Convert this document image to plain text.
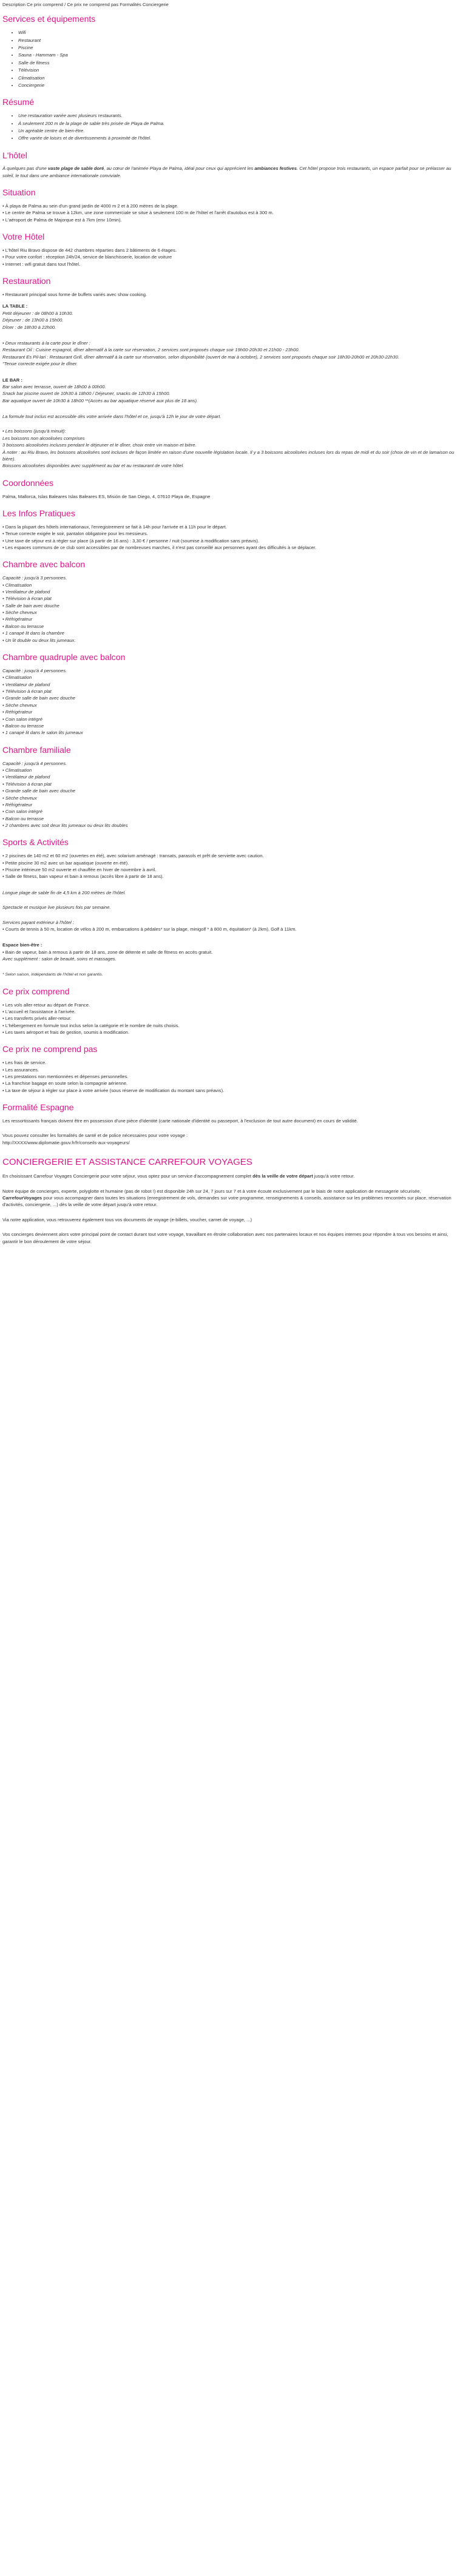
Description Ce prix comprend / Ce prix ne comprend pas Formalités Conciergerie
Services et équipements
• Wifi
• Restaurant
• Piscine
• Sauna - Hammam - Spa
• Salle de fitness
• Télévision
• Climatisation
• Conciergerie
Résumé
• Une restauration variée avec plusieurs restaurants.
• À seulement 200 m de la plage de sable très prisée de Playa de Palma.
• Un agréable centre de bien-être.
• Offre variée de loisirs et de divertissements à proximité de l'hôtel.
L'hôtel

À quelques pas d'une vaste plage de sable doré, au cœur de l'animée Playa de Palma, idéal pour ceux qui apprécient les ambiances festives. Cet hôtel propose trois restaurants, un espace parfait pour se prélasser au soleil, le tout dans une ambiance internationale conviviale.

Situation
• À playa de Palma au sein d'un grand jardin de 4000 m 2 et à 200 mètres de la plage.
• Le centre de Palma se trouve à 12km, une zone commerciale se situe à seulement 100 m de l'hôtel et l'arrêt d'autobus est à 300 m.
• L'aéroport de Palma de Majorque est à 7km (env 10min).
Votre Hôtel
• L'hôtel Riu Bravo dispose de 442 chambres réparties dans 2 bâtiments de 6 étages.
• Pour votre confort : réception 24h/24, service de blanchisserie, location de voiture
• Internet : wifi gratuit dans tout l'hôtel.
Restauration
• Restaurant principal sous forme de buffets variés avec show cooking.
LA TABLE :
Petit déjeuner : de 08h00 à 10h30.
Déjeuner : de 13h00 à 15h00.
Dîner : de 18h30 à 22h00.
• Deux restaurants à la carte pour le dîner :
Restaurant Oil : Cuisine espagnol, dîner alternatif à la carte sur réservation, 2 services sont proposés chaque soir 19h00-20h30 et 21h00 - 23h00.
Restaurant Es Pil-lari : Restaurant Grill, dîner alternatif à la carte sur réservation, selon disponibilité (ouvert de mai à octobre), 2 services sont proposés chaque soir 18h30-20h00 et 20h30-22h30.
"Tenue correcte exigée pour le dîner.
LE BAR :
Bar salon avec terrasse, ouvert de 18h00 à 00h00.
Snack bar piscine ouvert de 10h30 à 18h00 / Déjeuner, snacks de 12h30 à 15h00.
Bar aquatique ouvert de 10h30 à 18h00 **(Accès au bar aquatique réservé aux plus de 18 ans).

La formule tout inclus est accessible dès votre arrivée dans l'hôtel et ce, jusqu'à 12h le jour de votre départ.

• Les boissons (jusqu'à minuit):
Les boissons non alcoolisées comprises
3 boissons alcoolisées incluses pendant le déjeuner et le dîner, choix entre vin maison et bière.
À noter : au Riu Bravo, les boissons alcoolisées sont incluses de façon limitée en raison d'une nouvelle législation locale. Il y a 3 boissons alcoolisées incluses lors du repas de midi et du soir (choix de vin et de lamaison ou bière).
Boissons alcoolisées disponibles avec supplément au bar et au restaurant de votre hôtel.
Coordonnées

Palma, Mallorca, Islas Baleares Islas Baleares ES, Misión de San Diego, 4, 07610 Playa de, Espagne

Les Infos Pratiques
• Dans la plupart des hôtels internationaux, l'enregistrement se fait à 14h pour l'arrivée et à 11h pour le départ.
• Tenue correcte exigée le soir, pantalon obligatoire pour les messieurs.
• Une taxe de séjour est à régler sur place (à partir de 16 ans) : 3,30 € / personne / nuit (soumise à modification sans préavis).
• Les espaces communs de ce club sont accessibles par de nombreuses marches, il n'est pas conseillé aux personnes ayant des difficultés à se déplacer.
Chambre avec balcon
Capacité : jusqu'à 3 personnes.
• Climatisation
• Ventilateur de plafond
• Télévision à écran plat
• Salle de bain avec douche
• Sèche cheveux
• Réfrigérateur
• Balcon ou terrasse
• 1 canapé lit dans la chambre
• Un lit double ou deux lits jumeaux.
Chambre quadruple avec balcon
Capacité : jusqu'à 4 personnes.
• Climatisation
• Ventilateur de plafond
• Télévision à écran plat
• Grande salle de bain avec douche
• Sèche cheveux
• Réfrigérateur
• Coin salon intégré
• Balcon ou terrasse
• 1 canapé lit dans le salon lits jumeaux
Chambre familiale
Capacité : jusqu'à 4 personnes.
• Climatisation
• Ventilateur de plafond
• Télévision à écran plat
• Grande salle de bain avec douche
• Sèche cheveux
• Réfrigérateur
• Coin salon intégré
• Balcon ou terrasse
• 2 chambres avec soit deux lits jumeaux ou deux lits doubles
Sports & Activités
• 2 piscines de 140 m2 et 60 m2 (ouvertes en été), avec solarium aménagé : transats, parasols et prêt de serviette avec caution.
• Petite piscine 30 m2 avec un bar aquatique (ouverte en été).
• Piscine intérieure 50 m2 ouverte et chauffée en hiver de novembre à avril.
• Salle de fitness, bain vapeur et bain à remous (accès libre à partir de 18 ans).

Longue plage de sable fin de 4,5 km à 200 mètres de l'hôtel.

Spectacle et musique live plusieurs fois par semaine.

Services payant extérieur à l'hôtel :
• Courts de tennis à 50 m, location de vélos à 200 m, embarcations à pédales* sur la plage, minigolf * à 800 m, équitation* (à 2km), Golf à 11km.
Espace bien-être :
• Bain de vapeur, bain à remous à partir de 18 ans, zone de détente et salle de fitness en accès gratuit.
Avec supplément : salon de beauté, soins et massages.

* Selon saison, indépendants de l'hôtel et non garantis.

Ce prix comprend
• Les vols aller-retour au départ de France.
• L'accueil et l'assistance à l'arrivée.
• Les transferts privés aller-retour.
• L'hébergement en formule tout inclus selon la catégorie et le nombre de nuits choisis.
• Les taxes aéroport et frais de gestion, soumis à modification.
Ce prix ne comprend pas
• Les frais de service.
• Les assurances.
• Les prestations non mentionnées et dépenses personnelles.
• La franchise bagage en soute selon la compagnie aérienne.
• La taxe de séjour à régler sur place à votre arrivée (sous réserve de modification du montant sans préavis).
Formalité Espagne

Les ressortissants français doivent être en possession d'une pièce d'identité (carte nationale d'identité ou passeport, à l'exclusion de tout autre document) en cours de validité.

Vous pouvez consulter les formalités de santé et de police nécessaires pour votre voyage :
http://XXXX/www.diplomatie.gouv.fr/fr/conseils-aux-voyageurs/
CONCIERGERIE ET ASSISTANCE CARREFOUR VOYAGES

En choisissant Carrefour Voyages Conciergerie pour votre séjour, vous optez pour un service d'accompagnement complet dès la veille de votre départ jusqu'à votre retour.

Notre équipe de concierges, experte, polyglotte et humaine (pas de robot !) est disponible 24h sur 24, 7 jours sur 7 et à votre écoute exclusivement par le biais de notre application de messagerie sécurisée, CarrefourVoyages pour vous accompagner dans toutes les situations (enregistrement de vols, demandes sur votre programme, renseignements & conseils, assistance sur les problèmes rencontrés sur place, réservation d'activités, conciergerie, ...) dès la veille de votre départ jusqu'à votre retour.

Via notre application, vous retrouverez également tous vos documents de voyage (e-billets, voucher, carnet de voyage, ...)

Vos concierges deviennent alors votre principal point de contact durant tout votre voyage, travaillant en étroite collaboration avec nos partenaires locaux et nos équipes internes pour répondre à tous vos besoins et ainsi, garantir le bon déroulement de votre séjour.
